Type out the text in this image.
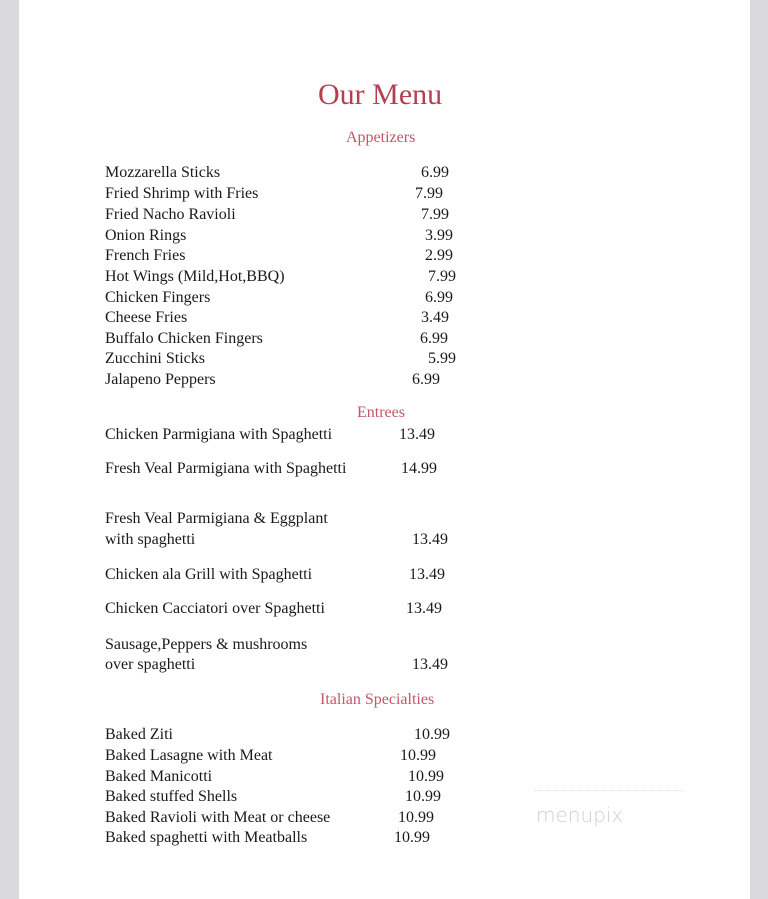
Our Menu
Appetizers
Mozzarella Sticks	6.99
Fried Shrimp with Fries	7.99
Fried Nacho Ravioli	7.99
Onion Rings	3.99
French Fries	2.99
Hot Wings (Mild,Hot,BBQ)	7.99
Chicken Fingers	6.99
Cheese Fries	3.49
Buffalo Chicken Fingers	6.99
Zucchini Sticks	5.99
Jalapeno Peppers	6.99
Entrees
Chicken Parmigiana with Spaghetti	13.49
Fresh Veal Parmigiana with Spaghetti	14.99
Fresh Veal Parmigiana & Eggplant
with spaghetti	13.49
Chicken ala Grill with Spaghetti	13.49
Chicken Cacciatori over Spaghetti	13.49
Sausage,Peppers & mushrooms
over spaghetti	13.49
Italian Specialties
Baked Ziti	10.99
Baked Lasagne with Meat	10.99
Baked Manicotti	10.99
Baked stuffed Shells	10.99
Baked Ravioli with Meat or cheese	10.99
Baked spaghetti with Meatballs	10.99
menupix
